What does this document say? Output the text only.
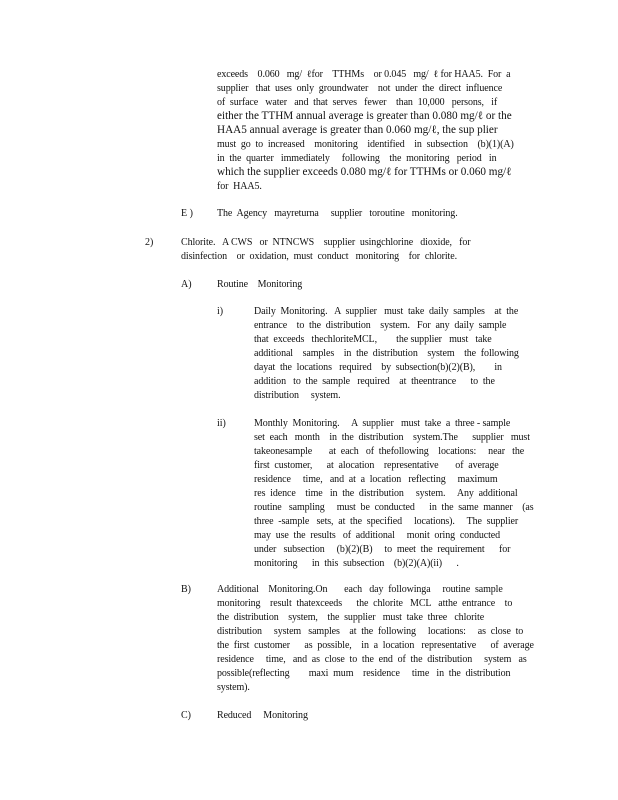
exceeds    0.060   mg/  ℓfor    TTHMs    or 0.045   mg/  ℓ for HAA5.  For  a
supplier   that  uses  only  groundwater    not  under  the  direct  influence
of  surface   water   and  that  serves   fewer    than  10,000   persons,   if
either the TTHM annual average is greater than 0.080 mg/ℓ or the
HAA5 annual average is greater than 0.060 mg/ℓ, the sup plier
must  go  to  increased    monitoring    identified    in  subsection    (b)(1)(A)
in  the  quarter   immediately     following    the  monitoring   period   in
which the supplier exceeds 0.080 mg/ℓ for TTHMs or 0.060 mg/ℓ
for  HAA5.
E ) The  Agency   mayreturna     supplier   toroutine   monitoring.
2)	Chlorite.   A CWS   or  NTNCWS    supplier  usingchlorine   dioxide,   for
disinfection    or  oxidation,  must  conduct   monitoring    for  chlorite.
A)	Routine    Monitoring
i)	Daily  Monitoring.   A  supplier   must  take  daily  samples    at  the
entrance    to  the  distribution    system.   For  any  daily  sample
that  exceeds   thechloriteMCL,        the supplier   must   take
additional    samples    in  the  distribution    system    the  following
dayat  the  locations   required    by  subsection(b)(2)(B),        in
addition   to  the  sample   required    at  theentrance      to  the
distribution     system.
ii)	Monthly  Monitoring.     A  supplier   must  take  a  three - sample
set  each   month    in  the  distribution    system.The      supplier   must
takeonesample       at  each   of  thefollowing    locations:     near   the
first  customer,      at  alocation    representative       of  average
residence     time,   and  at  a  location   reflecting     maximum
res  idence    time   in  the  distribution     system.     Any  additional
routine   sampling     must  be  conducted      in  the  same  manner    (as
three  -sample   sets,  at  the  specified     locations).     The  supplier
may  use  the  results   of  additional     monit  oring  conducted
under   subsection     (b)(2)(B)     to  meet  the  requirement      for
monitoring      in  this  subsection    (b)(2)(A)(ii)      .
B)	Additional    Monitoring.On       each   day  followinga     routine  sample
monitoring    result  thatexceeds      the  chlorite   MCL   atthe  entrance    to
the  distribution    system,    the  supplier   must  take  three   chlorite
distribution     system   samples    at  the  following     locations:     as  close  to
the  first  customer      as  possible,    in  a  location   representative      of  average
residence     time,   and  as  close  to  the  end  of  the  distribution     system   as
possible(reflecting        maxi  mum    residence     time   in  the  distribution
system).
C)	Reduced     Monitoring
